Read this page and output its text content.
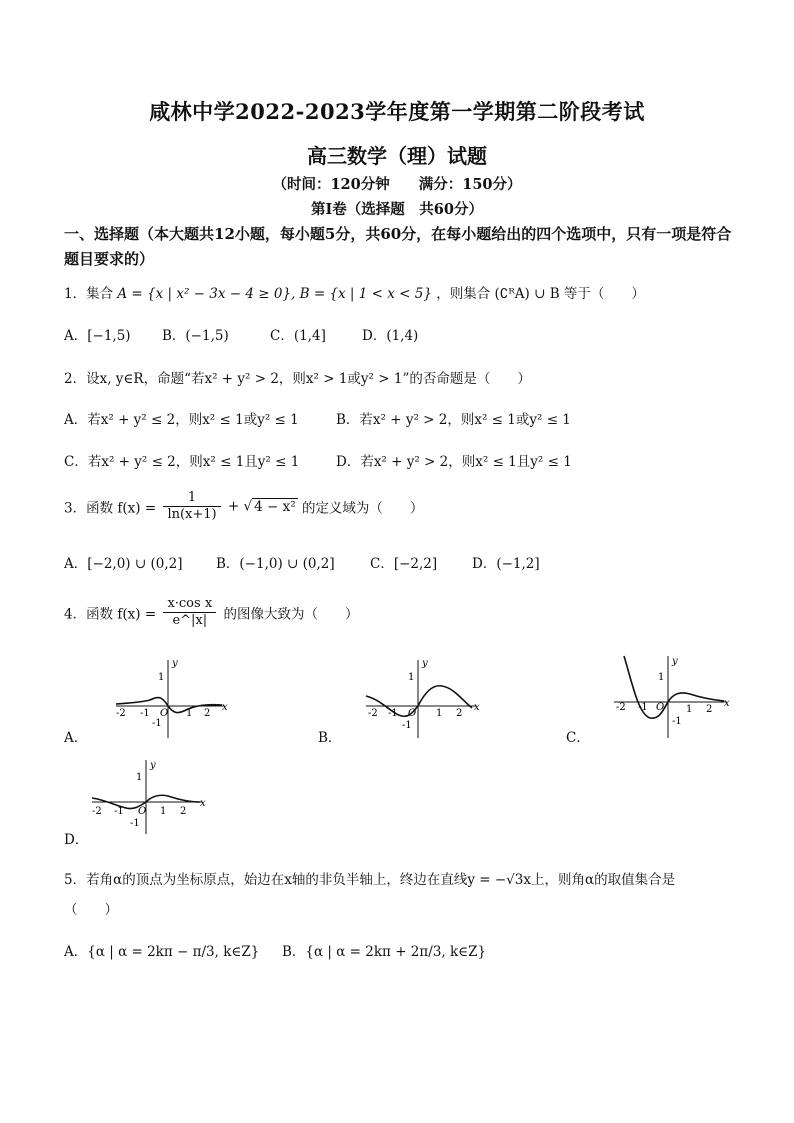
咸林中学2022-2023学年度第一学期第二阶段考试
高三数学（理）试题
（时间：120分钟　　满分：150分）
第Ⅰ卷（选择题　共60分）
一、选择题（本大题共12小题，每小题5分，共60分，在每小题给出的四个选项中，只有一项是符合题目要求的）
1．集合 A = {x | x² − 3x − 4 ≥ 0}, B = {x | 1 < x < 5} ，则集合 (∁ᴿA) ∪ B 等于（　　）
A．[−1,5) B．(−1,5)	C．(1,4]	D．(1,4)
2．设x, y∈R，命题“若x² + y² > 2，则x² > 1或y² > 1”的否命题是（　　）
A．若x² + y² ≤ 2，则x² ≤ 1或y² ≤ 1	B．若x² + y² > 2，则x² ≤ 1或y² ≤ 1
C．若x² + y² ≤ 2，则x² ≤ 1且y² ≤ 1	D．若x² + y² > 2，则x² ≤ 1且y² ≤ 1
3．函数 $f(x) = \frac{1}{\ln(x+1)}$ + √ 4 − x² 的定义域为（　　）
A．[−2,0) ∪ (0,2] B．(−1,0) ∪ (0,2]	C．[−2,2]	D．(−1,2]
4．函数 $f(x) = \frac{\text{x·cos x}}{e\^{}|x|}$ 的图像大致为（　　）
y
1
-1
-2 -1 O 1 2
x
A．
y
1
-1
-2 -1 O 1 2
x
B．
y
1
-1
-2 -1 O 1 2
x
C．
y
1
-1
-2 -1 O 1 2
x
D．
5．若角α的顶点为坐标原点，始边在x轴的非负半轴上，终边在直线y = −√3x上，则角α的取值集合是
（　　）
A．{α | α = 2kπ − π/3, k∈Z} B．{α | α = 2kπ + 2π/3, k∈Z}
